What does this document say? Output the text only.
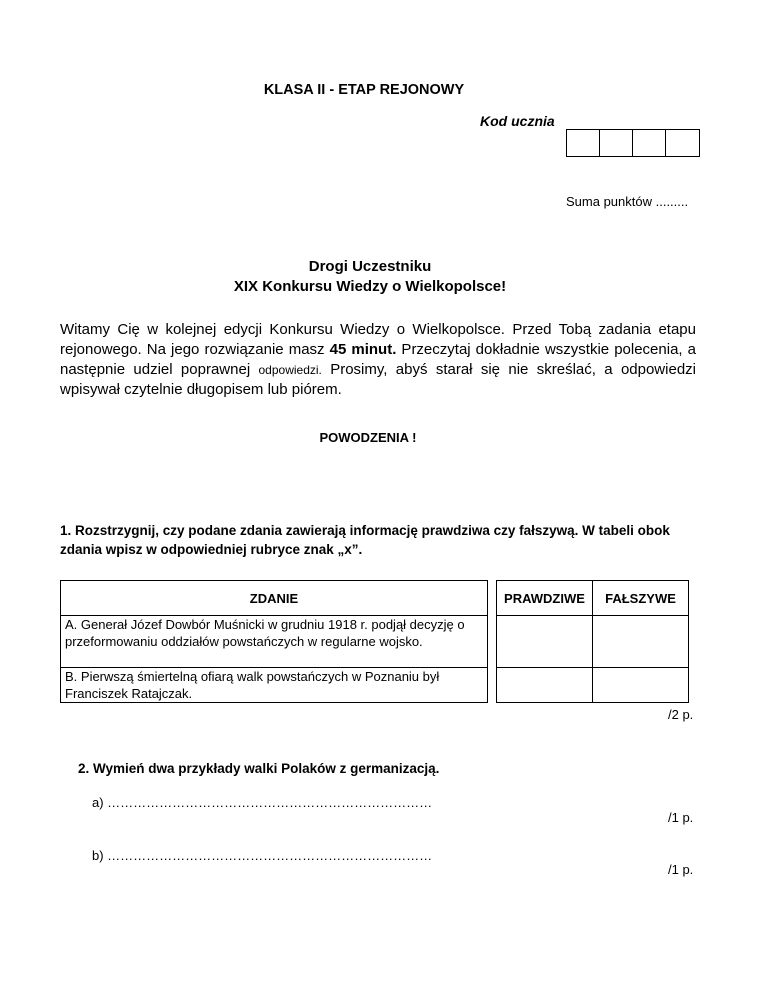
KLASA II - ETAP REJONOWY
Kod ucznia
Suma punktów .........
Drogi Uczestniku
XIX Konkursu Wiedzy o Wielkopolsce!
Witamy Cię w kolejnej edycji Konkursu Wiedzy o Wielkopolsce. Przed Tobą zadania etapu rejonowego. Na jego rozwiązanie masz 45 minut. Przeczytaj dokładnie wszystkie polecenia, a następnie udziel poprawnej odpowiedzi. Prosimy, abyś starał się nie skreślać, a odpowiedzi wpisywał czytelnie długopisem lub piórem.
POWODZENIA !
1. Rozstrzygnij, czy podane zdania zawierają informację prawdziwa czy fałszywą. W tabeli obok zdania wpisz w odpowiedniej rubryce znak „x”.
ZDANIE		PRAWDZIWE	FAŁSZYWE
A. Generał Józef Dowbór Muśnicki w grudniu 1918 r. podjął decyzję o przeformowaniu oddziałów powstańczych w regularne wojsko.			
B. Pierwszą śmiertelną ofiarą walk powstańczych w Poznaniu był Franciszek Ratajczak.			
/2 p.
2. Wymień dwa przykłady walki Polaków z germanizacją.
a) …………………………………………………………………
/1 p.
b) …………………………………………………………………
/1 p.
